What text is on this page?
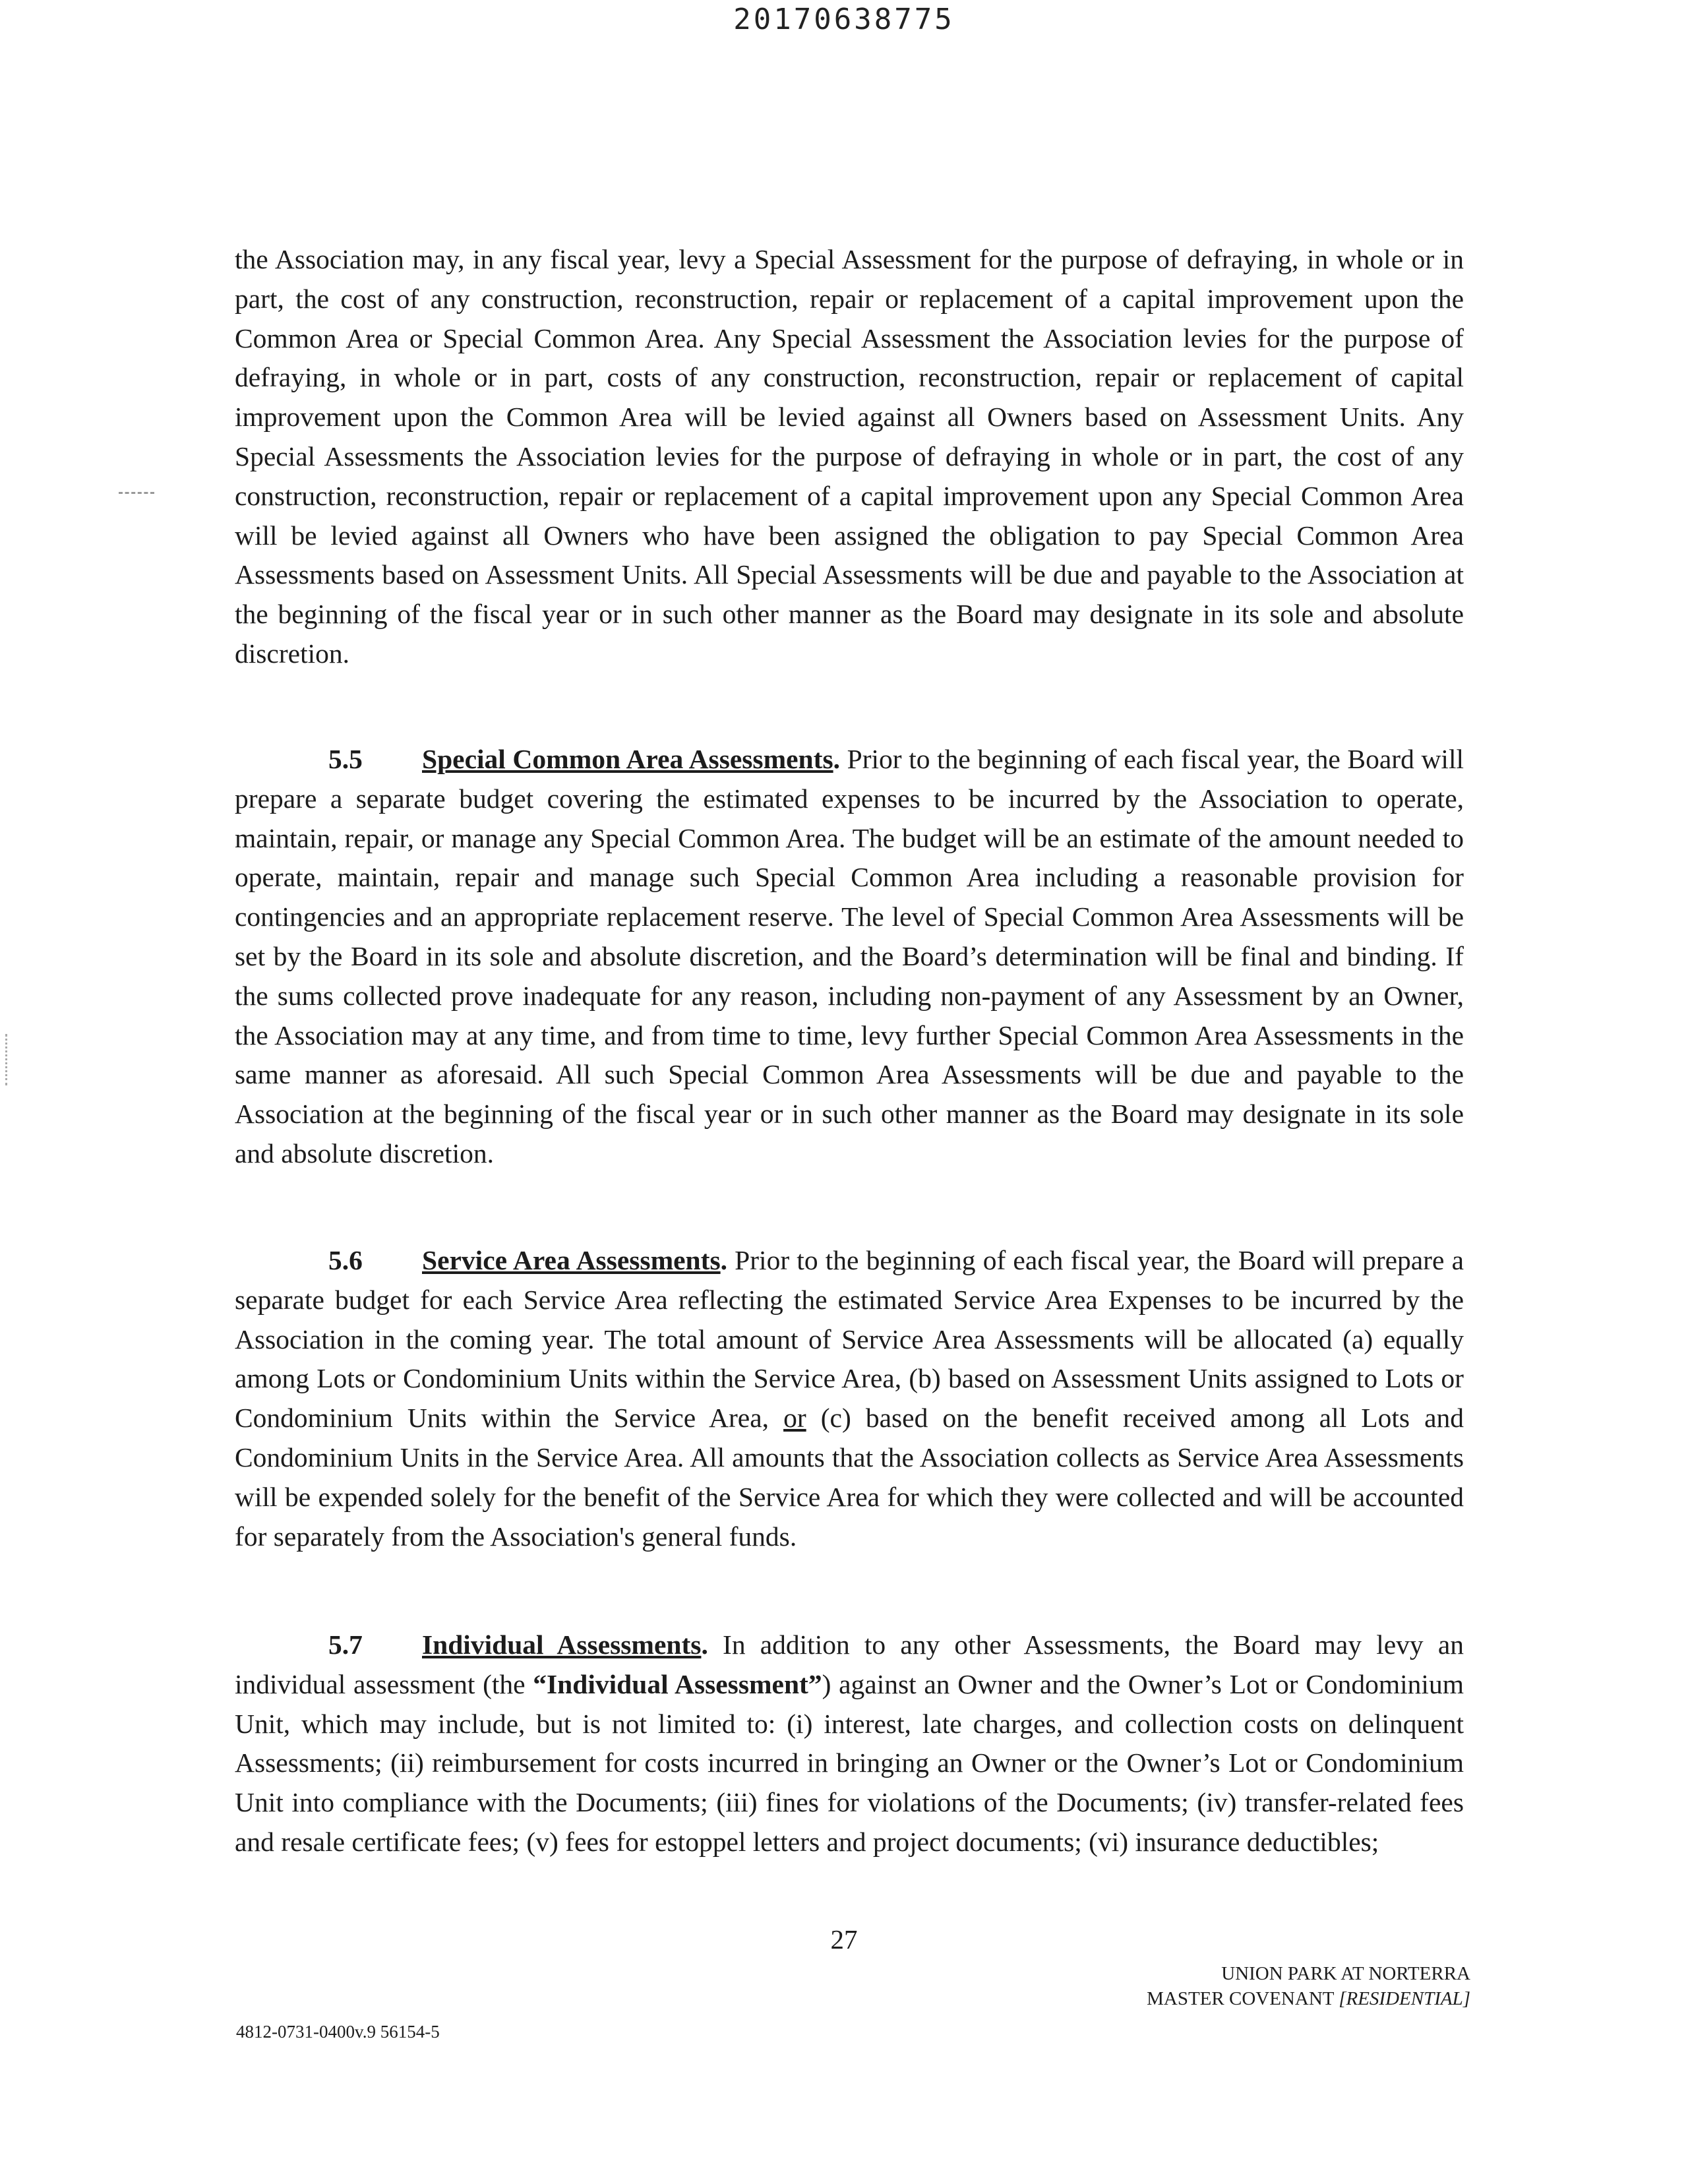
20170638775

the Association may, in any fiscal year, levy a Special Assessment for the purpose of defraying, in whole or in part, the cost of any construction, reconstruction, repair or replacement of a capital improvement upon the Common Area or Special Common Area. Any Special Assessment the Association levies for the purpose of defraying, in whole or in part, costs of any construction, reconstruction, repair or replacement of capital improvement upon the Common Area will be levied against all Owners based on Assessment Units. Any Special Assessments the Association levies for the purpose of defraying in whole or in part, the cost of any construction, reconstruction, repair or replacement of a capital improvement upon any Special Common Area will be levied against all Owners who have been assigned the obligation to pay Special Common Area Assessments based on Assessment Units. All Special Assessments will be due and payable to the Association at the beginning of the fiscal year or in such other manner as the Board may designate in its sole and absolute discretion.

5.5 Special Common Area Assessments. Prior to the beginning of each fiscal year, the Board will prepare a separate budget covering the estimated expenses to be incurred by the Association to operate, maintain, repair, or manage any Special Common Area. The budget will be an estimate of the amount needed to operate, maintain, repair and manage such Special Common Area including a reasonable provision for contingencies and an appropriate replacement reserve. The level of Special Common Area Assessments will be set by the Board in its sole and absolute discretion, and the Board’s determination will be final and binding. If the sums collected prove inadequate for any reason, including non-payment of any Assessment by an Owner, the Association may at any time, and from time to time, levy further Special Common Area Assessments in the same manner as aforesaid. All such Special Common Area Assessments will be due and payable to the Association at the beginning of the fiscal year or in such other manner as the Board may designate in its sole and absolute discretion.

5.6 Service Area Assessments. Prior to the beginning of each fiscal year, the Board will prepare a separate budget for each Service Area reflecting the estimated Service Area Expenses to be incurred by the Association in the coming year. The total amount of Service Area Assessments will be allocated (a) equally among Lots or Condominium Units within the Service Area, (b) based on Assessment Units assigned to Lots or Condominium Units within the Service Area, or (c) based on the benefit received among all Lots and Condominium Units in the Service Area. All amounts that the Association collects as Service Area Assessments will be expended solely for the benefit of the Service Area for which they were collected and will be accounted for separately from the Association's general funds.

5.7 Individual Assessments. In addition to any other Assessments, the Board may levy an individual assessment (the “Individual Assessment”) against an Owner and the Owner’s Lot or Condominium Unit, which may include, but is not limited to: (i) interest, late charges, and collection costs on delinquent Assessments; (ii) reimbursement for costs incurred in bringing an Owner or the Owner’s Lot or Condominium Unit into compliance with the Documents; (iii) fines for violations of the Documents; (iv) transfer-related fees and resale certificate fees; (v) fees for estoppel letters and project documents; (vi) insurance deductibles;

27
UNION PARK AT NORTERRA
MASTER COVENANT [RESIDENTIAL]
4812-0731-0400v.9 56154-5
